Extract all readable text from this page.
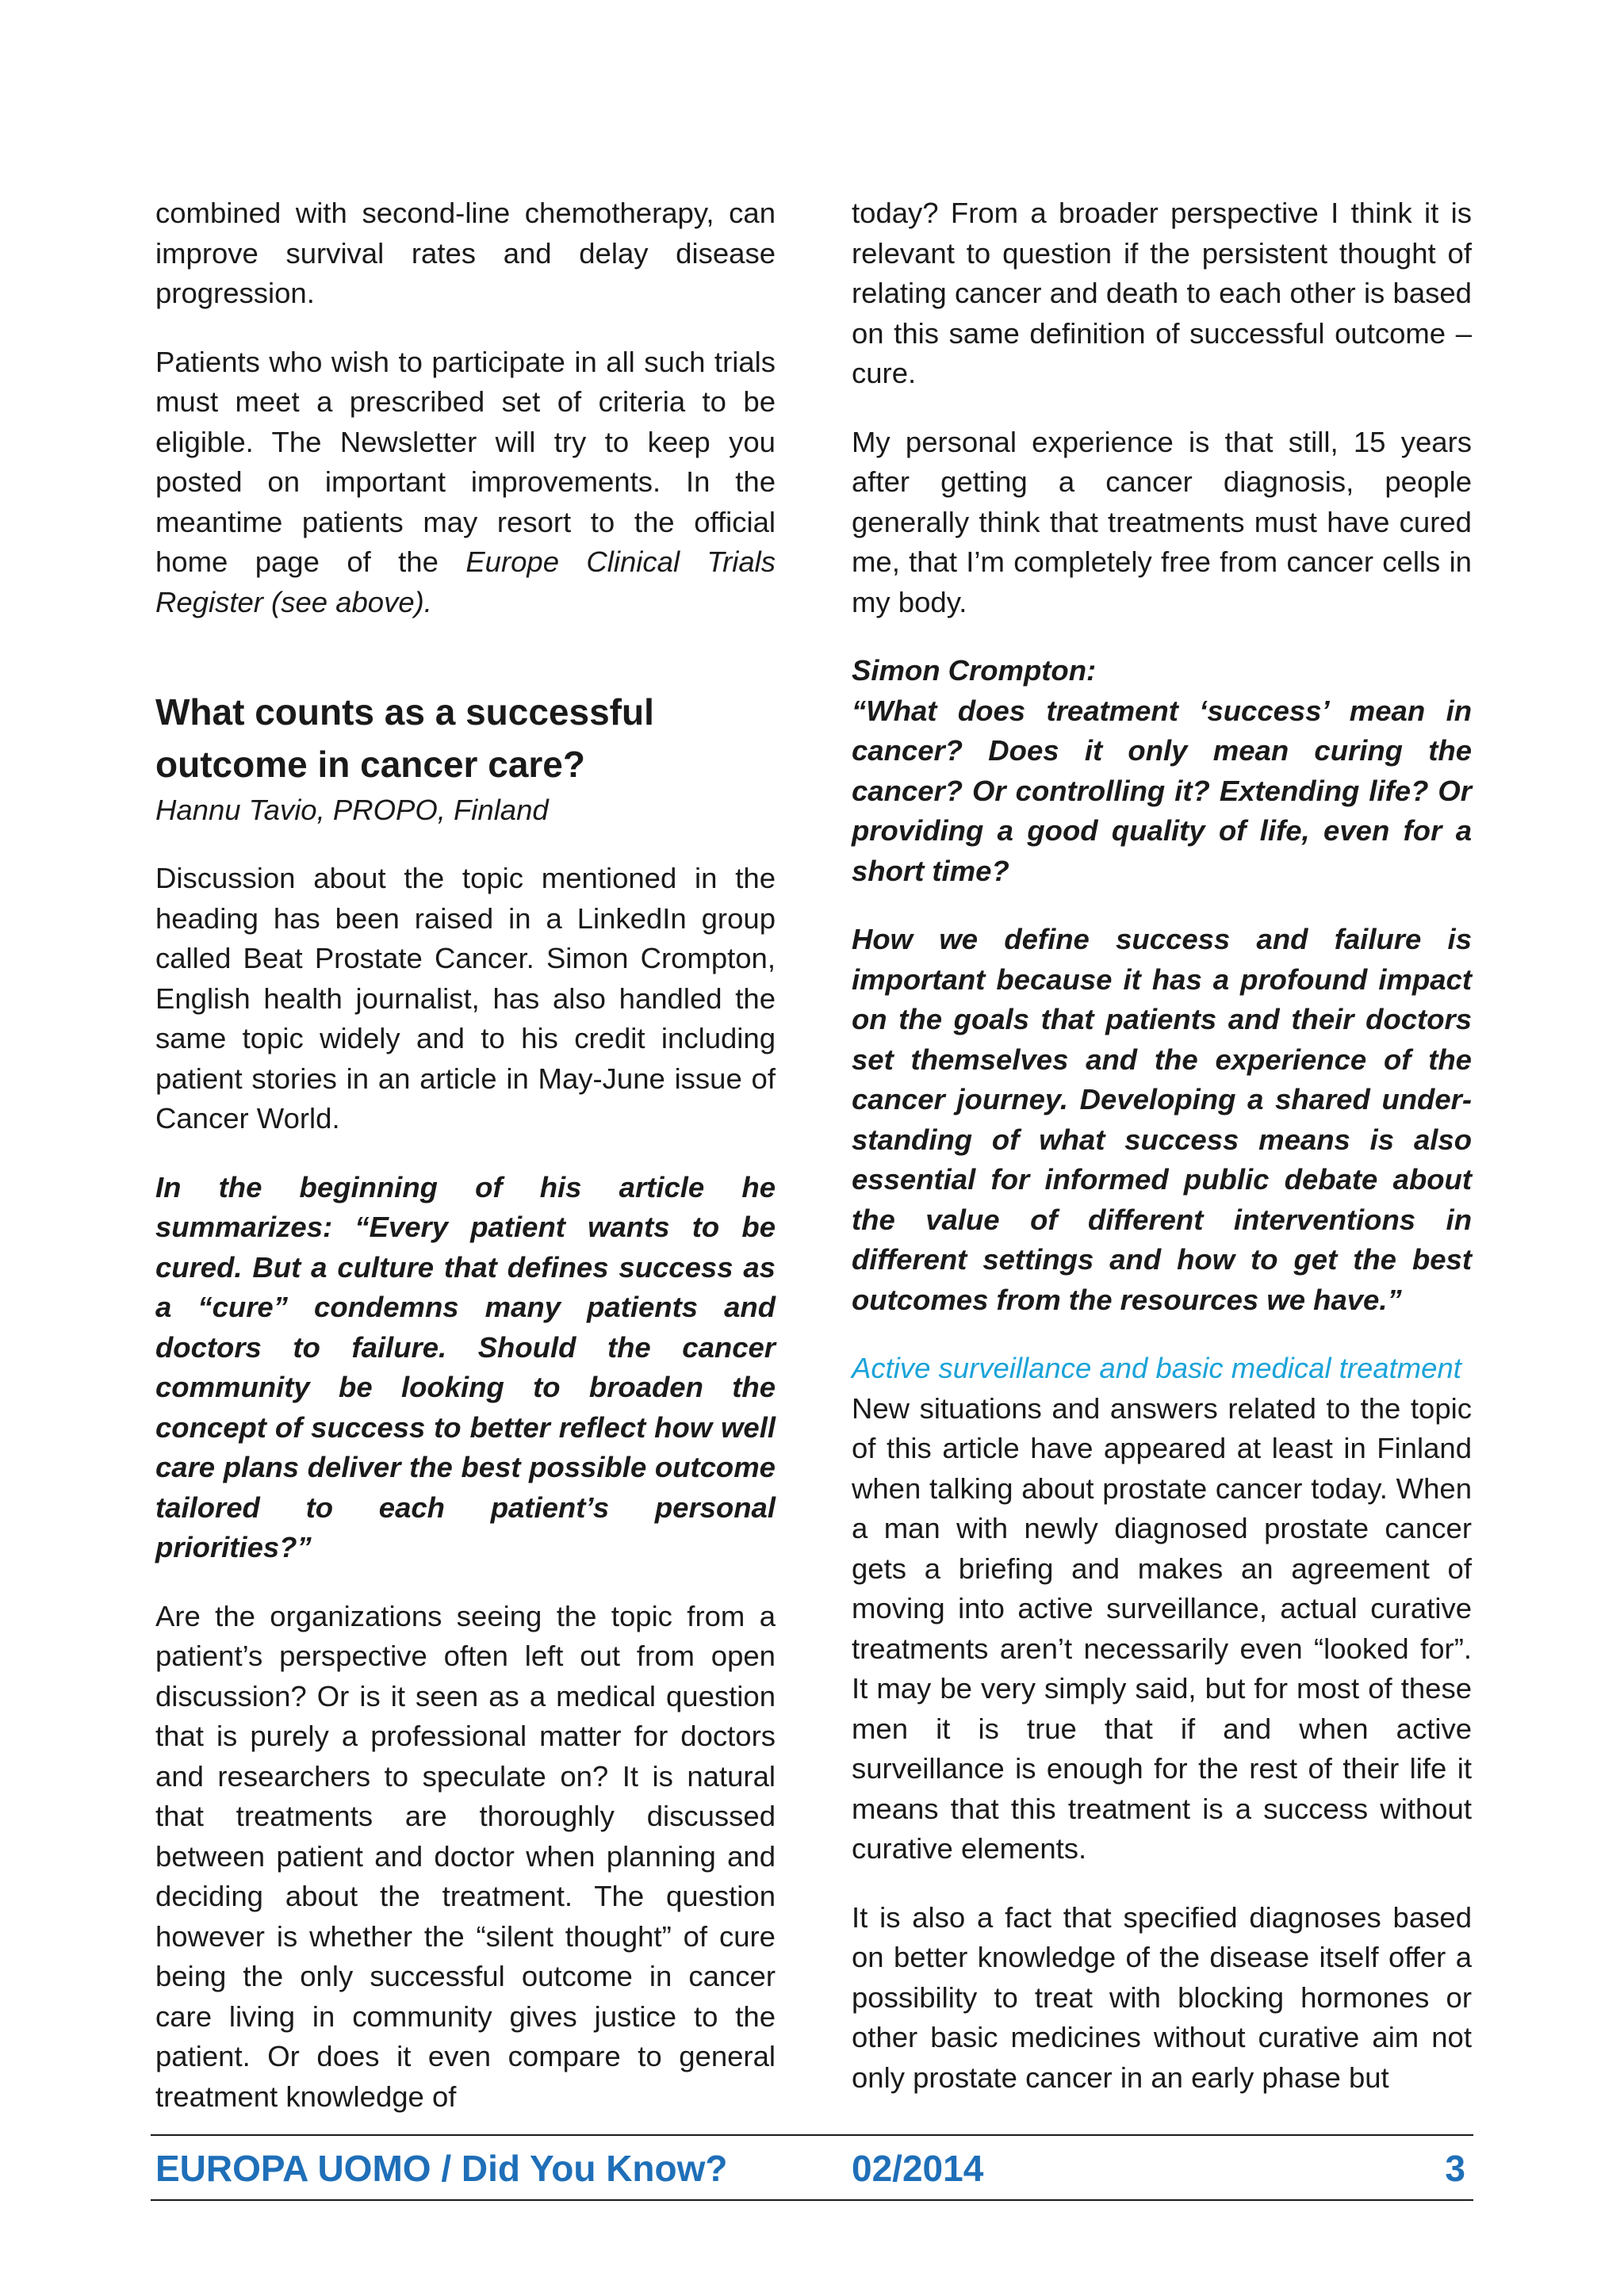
combined with second-line chemotherapy, can improve survival rates and delay disease progression.

Patients who wish to participate in all such trials must meet a prescribed set of criteria to be eligible. The Newsletter will try to keep you posted on important improvements. In the meantime patients may resort to the official home page of the Europe Clinical Trials Register (see above).

What counts as a successful outcome in cancer care?
Hannu Tavio, PROPO, Finland

Discussion about the topic mentioned in the heading has been raised in a LinkedIn group called Beat Prostate Cancer. Simon Crompton, English health journalist, has also handled the same topic widely and to his credit including patient stories in an article in May-June issue of Cancer World.

In the beginning of his article he summarizes: “Every patient wants to be cured. But a culture that defines success as a “cure” condemns many patients and doctors to failure. Should the cancer community be looking to broaden the concept of success to better reflect how well care plans deliver the best possible outcome tailored to each patient’s personal priorities?”

Are the organizations seeing the topic from a patient’s perspective often left out from open discussion? Or is it seen as a medical question that is purely a professional matter for doctors and researchers to speculate on? It is natural that treatments are thoroughly discussed between patient and doctor when planning and deciding about the treatment. The question however is whether the “silent thought” of cure being the only successful outcome in cancer care living in community gives justice to the patient. Or does it even compare to general treatment knowledge of

today? From a broader perspective I think it is relevant to question if the persistent thought of relating cancer and death to each other is based on this same definition of successful outcome – cure.

My personal experience is that still, 15 years after getting a cancer diagnosis, people generally think that treatments must have cured me, that I’m completely free from cancer cells in my body.

Simon Crompton:

“What does treatment ‘success’ mean in cancer? Does it only mean curing the cancer? Or controlling it? Extending life? Or providing a good quality of life, even for a short time?

How we define success and failure is important because it has a profound impact on the goals that patients and their doctors set themselves and the experience of the cancer journey. Developing a shared under-standing of what success means is also essential for informed public debate about the value of different interventions in different settings and how to get the best outcomes from the resources we have.”

Active surveillance and basic medical treatment

New situations and answers related to the topic of this article have appeared at least in Finland when talking about prostate cancer today. When a man with newly diagnosed prostate cancer gets a briefing and makes an agreement of moving into active surveillance, actual curative treatments aren’t necessarily even “looked for”. It may be very simply said, but for most of these men it is true that if and when active surveillance is enough for the rest of their life it means that this treatment is a success without curative elements.

It is also a fact that specified diagnoses based on better knowledge of the disease itself offer a possibility to treat with blocking hormones or other basic medicines without curative aim not only prostate cancer in an early phase but

EUROPA UOMO / Did You Know?	02/2014	3
